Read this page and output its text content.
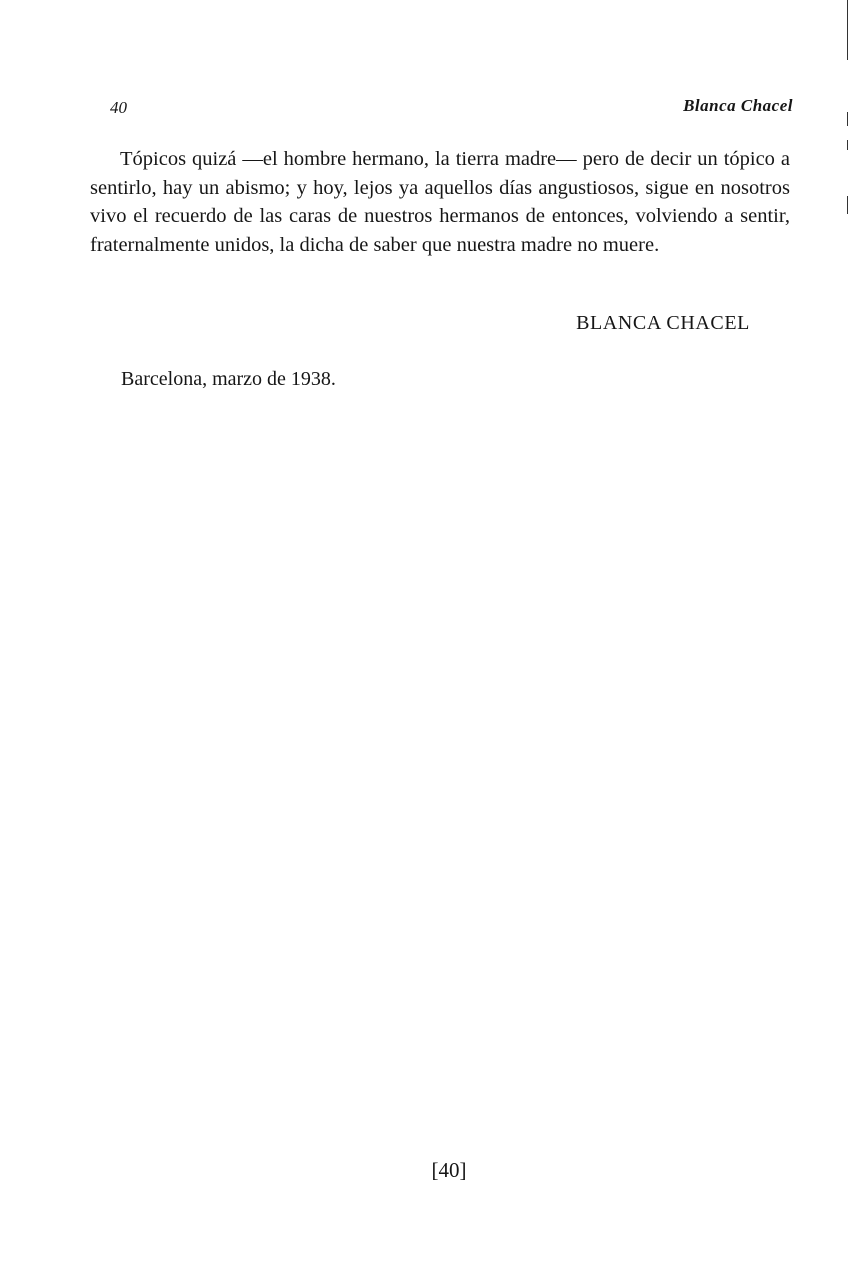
40	Blanca Chacel

Tópicos quizá —el hombre hermano, la tierra madre— pero de decir un tópico a sentirlo, hay un abismo; y hoy, lejos ya aquellos días angustiosos, sigue en nosotros vivo el recuerdo de las caras de nuestros hermanos de entonces, volviendo a sentir, fraternalmente unidos, la dicha de saber que nuestra madre no muere.

BLANCA CHACEL
Barcelona, marzo de 1938.
[40]
